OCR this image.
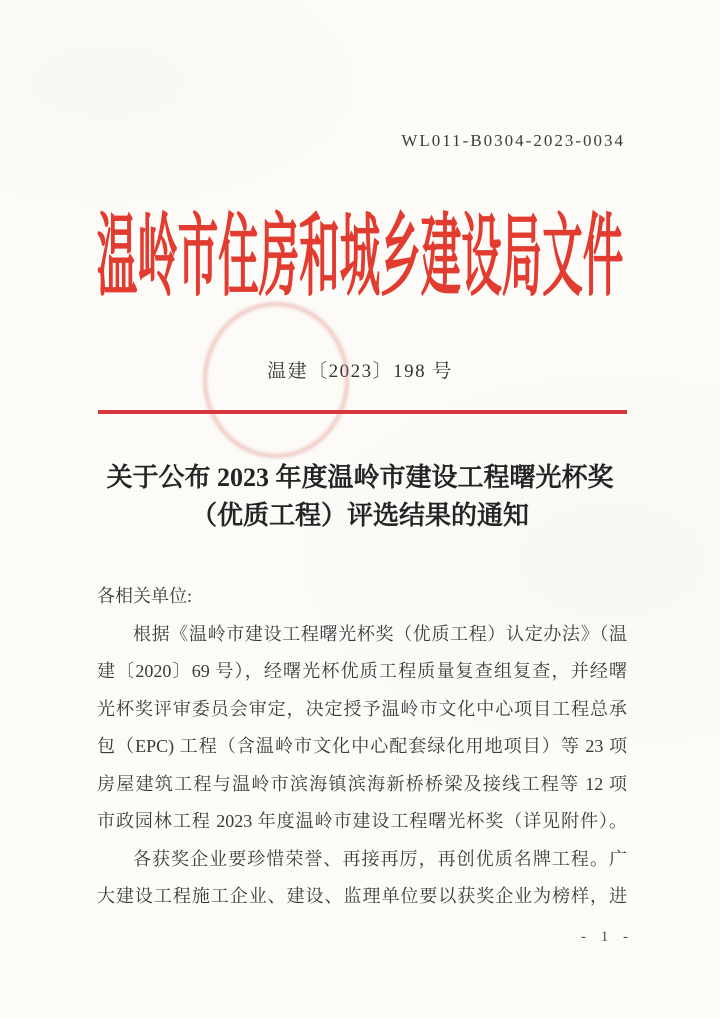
WL011-B0304-2023-0034
温岭市住房和城乡建设局文件
温建〔2023〕198 号
关于公布 2023 年度温岭市建设工程曙光杯奖
（优质工程）评选结果的通知
各相关单位:
根据《温岭市建设工程曙光杯奖（优质工程）认定办法》（温
建〔2020〕69 号），经曙光杯优质工程质量复查组复查，并经曙
光杯奖评审委员会审定，决定授予温岭市文化中心项目工程总承
包（EPC) 工程（含温岭市文化中心配套绿化用地项目）等 23 项
房屋建筑工程与温岭市滨海镇滨海新桥桥梁及接线工程等 12 项
市政园林工程 2023 年度温岭市建设工程曙光杯奖（详见附件）。
各获奖企业要珍惜荣誉、再接再厉，再创优质名牌工程。广
大建设工程施工企业、建设、监理单位要以获奖企业为榜样，进
- 1 -
